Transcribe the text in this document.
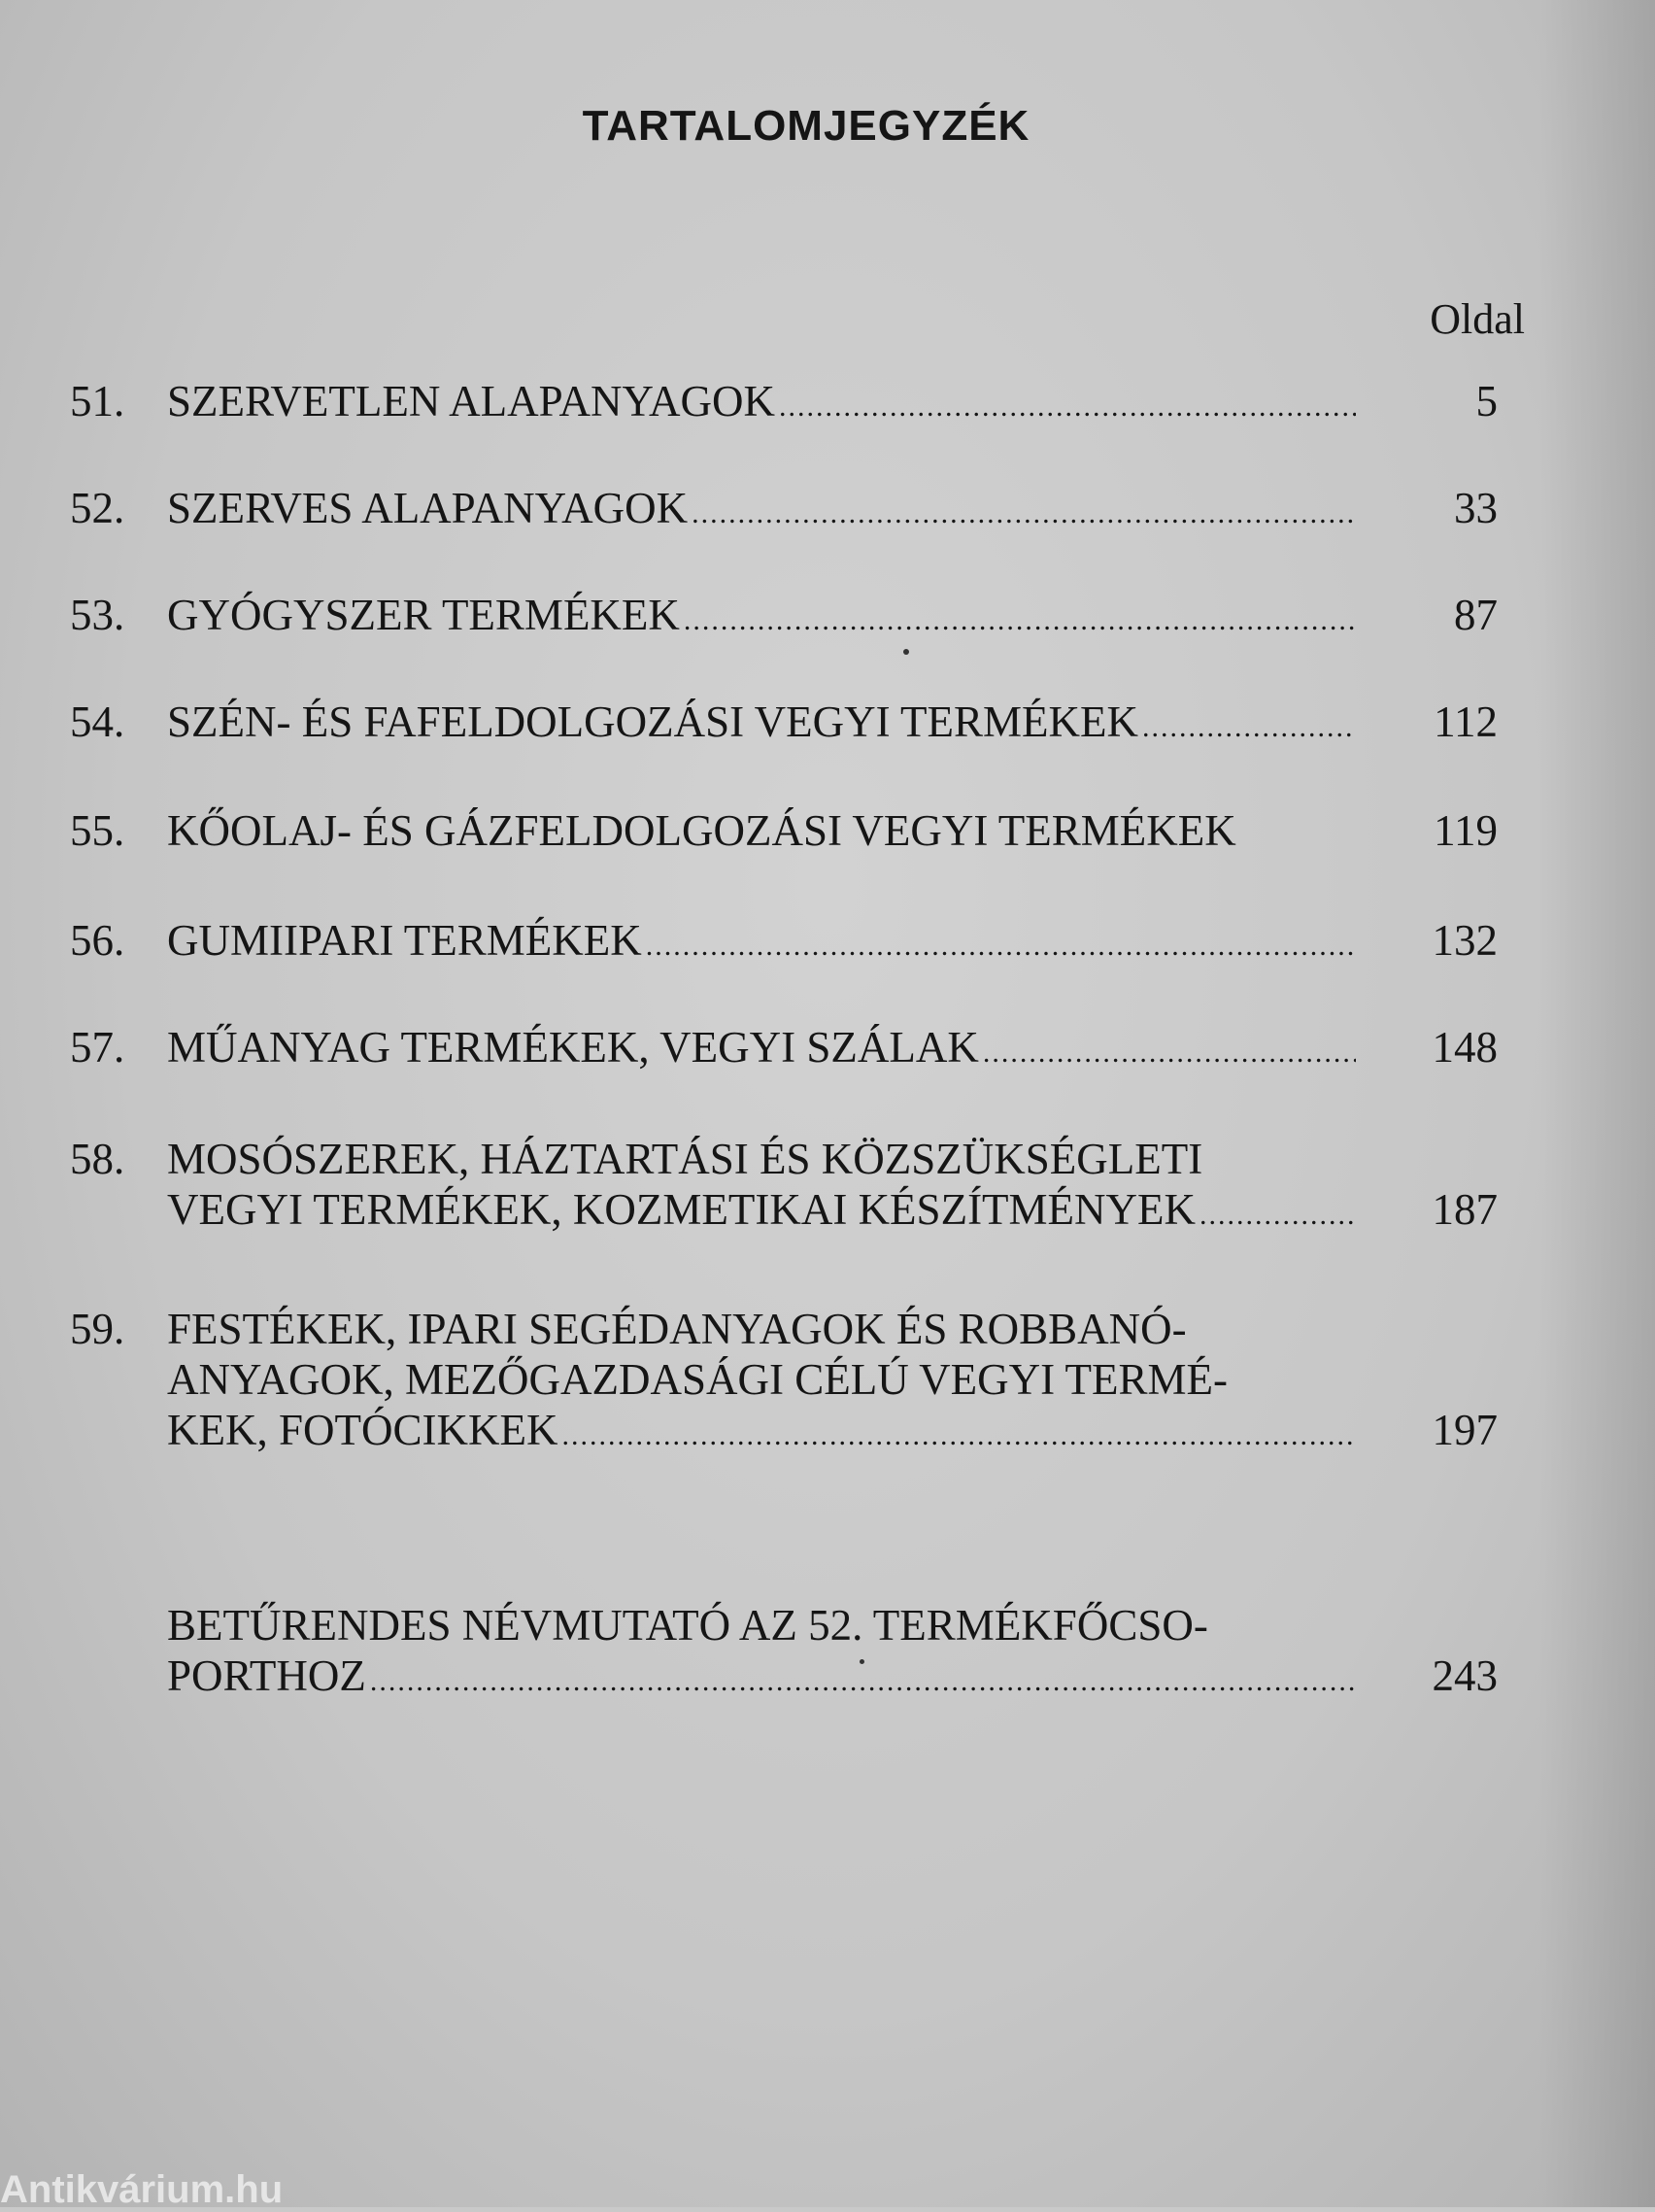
TARTALOMJEGYZÉK
Oldal
51. SZERVETLEN ALAPANYAGOK .....	5
52. SZERVES ALAPANYAGOK .....	33
53. GYÓGYSZER TERMÉKEK .....	87
54. SZÉN- ÉS FAFELDOLGOZÁSI VEGYI TERMÉKEK .....	112
55. KŐOLAJ- ÉS GÁZFELDOLGOZÁSI VEGYI TERMÉKEK	119
56. GUMIIPARI TERMÉKEK .....	132
57. MŰANYAG TERMÉKEK, VEGYI SZÁLAK .....	148
58. MOSÓSZEREK, HÁZTARTÁSI ÉS KÖZSZÜKSÉGLETI
VEGYI TERMÉKEK, KOZMETIKAI KÉSZÍTMÉNYEK .....	187
59. FESTÉKEK, IPARI SEGÉDANYAGOK ÉS ROBBANÓ-
ANYAGOK, MEZŐGAZDASÁGI CÉLÚ VEGYI TERMÉ-
KEK, FOTÓCIKKEK .....	197
BETŰRENDES NÉVMUTATÓ AZ 52. TERMÉKFŐCSO-
PORTHOZ .....	243
Antikvárium.hu
